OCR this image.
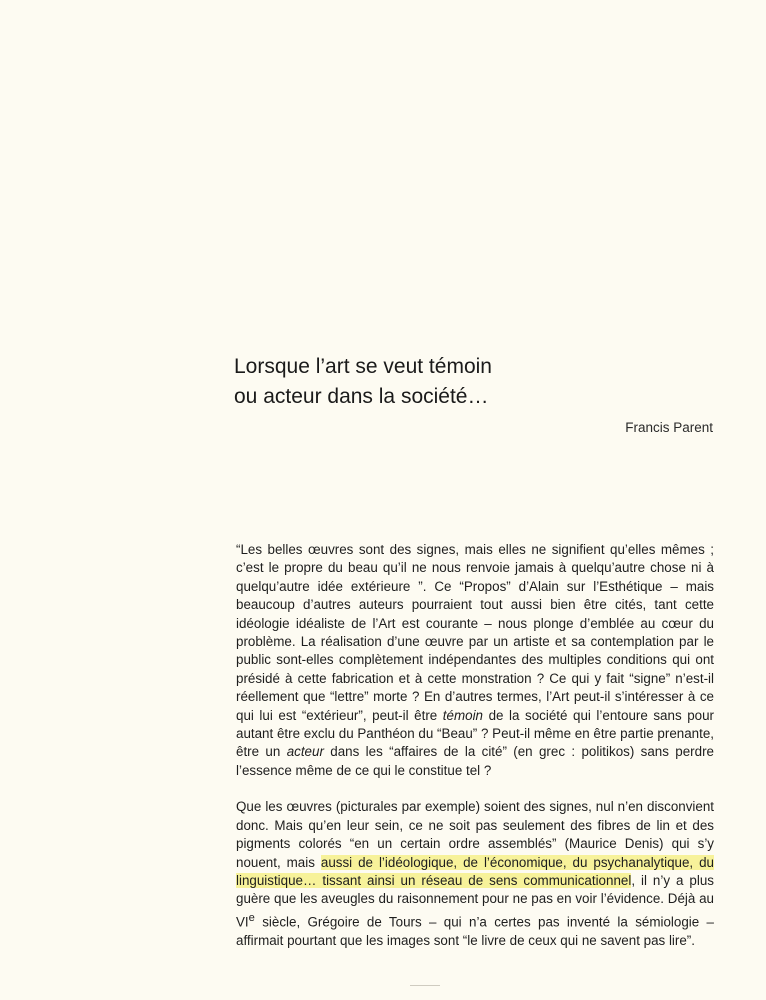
Lorsque l’art se veut témoin
ou acteur dans la société…
Francis Parent

“Les belles œuvres sont des signes, mais elles ne signifient qu’elles mêmes ; c’est le propre du beau qu’il ne nous renvoie jamais à quelqu’autre chose ni à quelqu’autre idée extérieure ”. Ce “Propos” d’Alain sur l’Esthétique – mais beaucoup d’autres auteurs pourraient tout aussi bien être cités, tant cette idéologie idéaliste de l’Art est courante – nous plonge d’emblée au cœur du problème. La réalisation d’une œuvre par un artiste et sa contemplation par le public sont-elles complètement indépendantes des multiples conditions qui ont présidé à cette fabrication et à cette monstration ? Ce qui y fait “signe” n’est-il réellement que “lettre” morte ? En d’autres termes, l’Art peut-il s’intéresser à ce qui lui est “extérieur”, peut-il être témoin de la société qui l’entoure sans pour autant être exclu du Panthéon du “Beau” ? Peut-il même en être partie prenante, être un acteur dans les “affaires de la cité” (en grec : politikos) sans perdre l’essence même de ce qui le constitue tel ?

Que les œuvres (picturales par exemple) soient des signes, nul n’en disconvient donc. Mais qu’en leur sein, ce ne soit pas seulement des fibres de lin et des pigments colorés “en un certain ordre assemblés” (Maurice Denis) qui s’y nouent, mais aussi de l’idéologique, de l’économique, du psychanalytique, du linguistique… tissant ainsi un réseau de sens communicationnel, il n’y a plus guère que les aveugles du raisonnement pour ne pas en voir l’évidence. Déjà au VIe siècle, Grégoire de Tours – qui n’a certes pas inventé la sémiologie – affirmait pourtant que les images sont “le livre de ceux qui ne savent pas lire”.
